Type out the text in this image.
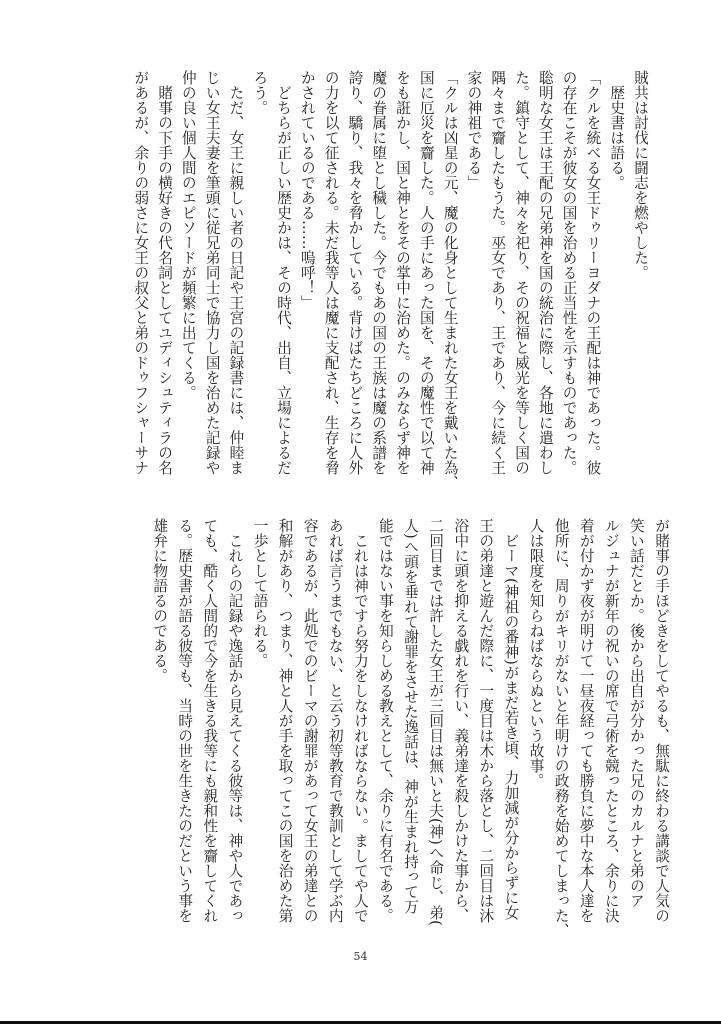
賊共は討伐に闘志を燃やした。
　歴史書は語る。
「クルを統べる女王ドゥリーヨダナの王配は神であった。彼
の存在こそが彼女の国を治める正当性を示すものであった。
聡明な女王は王配の兄弟神を国の統治に際し、各地に遣わし
た。鎮守として、神々を祀り、その祝福と威光を等しく国の
隅々まで齎したもうた。巫女であり、王であり、今に続く王
家の神祖である」
「クルは凶星の元、魔の化身として生まれた女王を戴いた為、
国に厄災を齎した。人の手にあった国を、その魔性で以て神
をも誑かし、国と神とをその掌中に治めた。のみならず神を
魔の眷属に堕とし穢した。今でもあの国の王族は魔の系譜を
誇り、驕り、我々を脅かしている。背けばたちどころに人外
の力を以て征される。未だ我等人は魔に支配され、生存を脅
かされているのである……嗚呼！」
　どちらが正しい歴史かは、その時代、出自、立場によるだ
ろう。
　ただ、女王に親しい者の日記や王宮の記録書には、仲睦ま
じい女王夫妻を筆頭に従兄弟同士で協力し国を治めた記録や
仲の良い個人間のエピソードが頻繁に出てくる。
　賭事の下手の横好きの代名詞としてユディシュティラの名
があるが、余りの弱さに女王の叔父と弟のドゥフシャーサナ
が賭事の手ほどきをしてやるも、無駄に終わる講談で人気の
笑い話だとか。後から出自が分かった兄のカルナと弟のア
ルジュナが新年の祝いの席で弓術を競ったところ、余りに決
着が付かず夜が明けて一昼夜経っても勝負に夢中な本人達を
他所に、周りがキリがないと年明けの政務を始めてしまった、
人は限度を知らねばならぬという故事。
　ビーマ(神祖の番神)がまだ若き頃、力加減が分からずに女
王の弟達と遊んだ際に、一度目は木から落とし、二回目は沐
浴中に頭を抑える戯れを行い、義弟達を殺しかけた事から、
二回目までは許した女王が三回目は無いと夫(神)へ命じ、弟(
人)へ頭を垂れて謝罪をさせた逸話は、神が生まれ持って万
能ではない事を知らしめる教えとして、余りに有名である。
　これは神ですら努力をしなければならない。ましてや人で
あれば言うまでもない、と云う初等教育で教訓として学ぶ内
容であるが、此処でのビーマの謝罪があって女王の弟達との
和解があり、つまり、神と人が手を取ってこの国を治めた第
一歩として語られる。
　これらの記録や逸話から見えてくる彼等は、神や人であっ
ても、酷く人間的で今を生きる我等にも親和性を齎してくれ
る。歴史書が語る彼等も、当時の世を生きたのだという事を
雄弁に物語るのである。
54
